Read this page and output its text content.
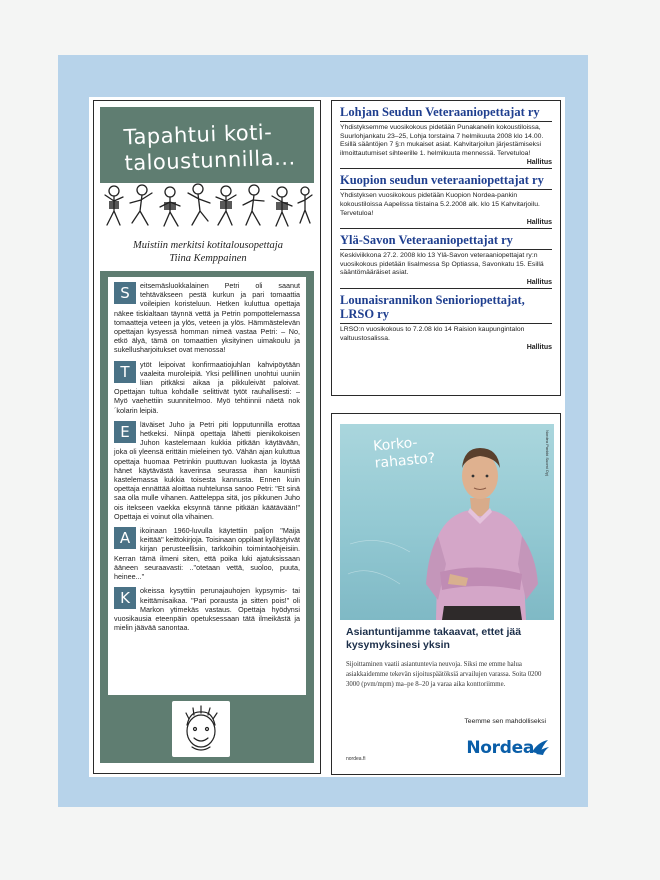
Tapahtui koti-
taloustunnilla...
Muistiin merkitsi kotitalousopettaja
Tiina Kemppainen
S	eitsemäsluokkalainen Petri oli saanut tehtäväkseen pestä kurkun ja pari tomaattia voileipien koristeluun. Hetken kuluttua opettaja näkee tiskialtaan täynnä vettä ja Petrin pompottelemassa tomaatteja veteen ja ylös, veteen ja ylös. Hämmästelevän opettajan kysyessä homman nimeä vastaa Petri: – No, etkö älyä, tämä on tomaattien yksityinen uimakoulu ja sukellusharjoitukset ovat menossa!
T	ytöt leipoivat konfirmaatiojuhlan kahvipöytään vaaleita muroleipiä. Yksi pellillinen unohtui uuniin liian pitkäksi aikaa ja pikkuleivät paloivat. Opettajan tultua kohdalle selittivät tytöt rauhallisesti: – Myö vaehettiin suunnitelmoo. Myö tehtiinnii näetä nok´kolarin leipiä.
E	läväiset Juho ja Petri piti lopputunnilla erottaa hetkeksi. Niinpä opettaja lähetti pienikokoisen Juhon kastelemaan kukkia pitkään käytävään, joka oli yleensä erittäin mieleinen työ. Vähän ajan kuluttua opettaja huomaa Petrinkin puuttuvan luokasta ja löytää hänet käytävästä kaverinsa seurassa ihan kauniisti kastelemassa kukkia toisesta kannusta. Ennen kuin opettaja ennättää aloittaa nuhtelunsa sanoo Petri: "Et sinä saa olla mulle vihanen. Aatteleppa sitä, jos pikkunen Juho ois itekseen vaekka eksynnä tänne pitkään käätävään!" Opettaja ei voinut olla vihainen.
A	ikoinaan 1960-luvulla käytettiin paljon "Maija keittää" keittokirjoja. Toisinaan oppilaat kyllästyivät kirjan perusteellisiin, tarkkoihin toimintaohjeisiin. Kerran tämä ilmeni siten, että poika luki ajatuksissaan ääneen seuraavasti: .."otetaan vettä, suoloo, puuta, heinee..."
K	okeissa kysyttiin perunajauhojen kypsymis- tai keittämisaikaa. "Pari porausta ja sitten pois!" oli Markon ytimekäs vastaus. Opettaja hyödynsi vuosikausia eteenpäin opetuksessaan tätä ilmeikästä ja mielin jäävää sanontaa.
Lohjan Seudun Veteraaniopettajat ry

Yhdistyksemme vuosikokous pidetään Punakanelin kokoustiloissa, Suurlohjankatu 23–25, Lohja torstaina 7 helmikuuta 2008 klo 14.00. Esillä sääntöjen 7 §:n mukaiset asiat. Kahvitarjoilun järjestämiseksi ilmoittautumiset sihteerille 1. helmikuuta mennessä. Tervetuloa!

Hallitus
Kuopion seudun veteraaniopettajat ry

Yhdistyksen vuosikokous pidetään Kuopion Nordea-pankin kokoustiloissa Aapelissa tiistaina 5.2.2008 alk. klo 15 Kahvitarjoilu. Tervetuloa!

Hallitus
Ylä-Savon Veteraaniopettajat ry

Keskiviikkona 27.2. 2008 klo 13 Ylä-Savon veteraaniopettajat ry:n vuosikokous pidetään Iisalmessa Sp Optiassa, Savonkatu 15. Esillä sääntömääräiset asiat.

Hallitus
Lounaisrannikon Senioriopettajat, LRSO ry

LRSO:n vuosikokous to 7.2.08 klo 14 Raision kaupungintalon valtuustosalissa.

Hallitus
Korko-
rahasto?	Nordea Pankki Suomi Oyj
Asiantuntijamme takaavat, ettet jää kysymyksinesi yksin
Sijoittaminen vaatii asiantuntevia neuvoja. Siksi me emme halua asiakkaidemme tekevän sijoituspäätöksiä arvailujen varassa. Soita 0200 3000 (pvm/mpm) ma–pe 8–20 ja varaa aika konttoriimme.
Teemme sen mahdolliseksi
Nordea
nordea.fi
